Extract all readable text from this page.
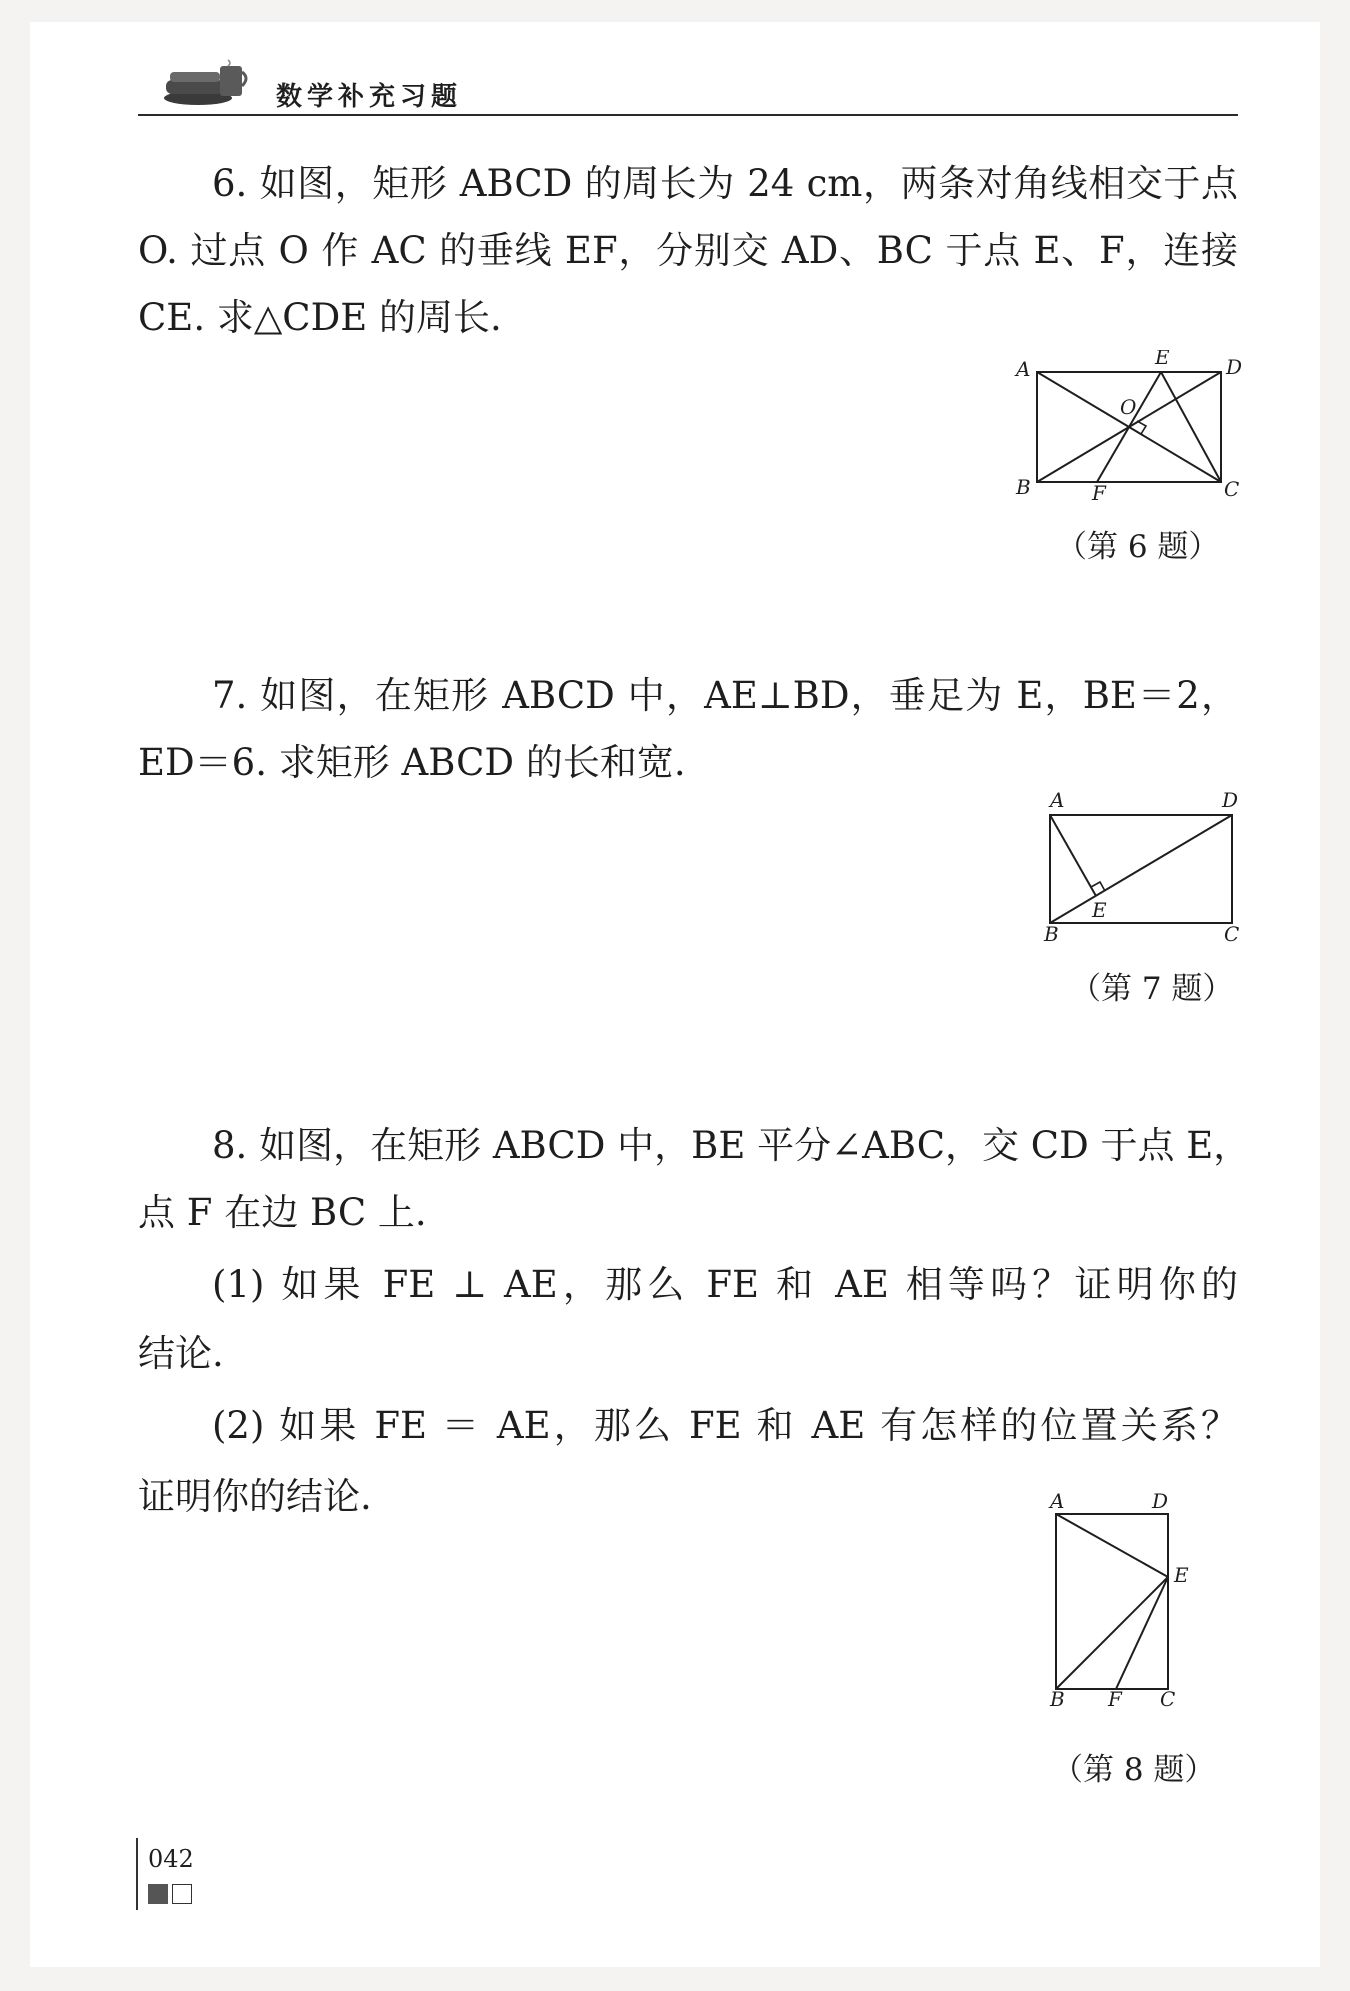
数学补充习题
6. 如图，矩形 ABCD 的周长为 24 cm，两条对角线相交于点
O. 过点 O 作 AC 的垂线 EF，分别交 AD、BC 于点 E、F，连接
CE. 求△CDE 的周长.
A	D
E
O
B	F	C
（第 6 题）
7. 如图，在矩形 ABCD 中，AE⊥BD，垂足为 E，BE＝2，
ED＝6. 求矩形 ABCD 的长和宽.
A	D
E
B	C
（第 7 题）
8. 如图，在矩形 ABCD 中，BE 平分∠ABC，交 CD 于点 E，
点 F 在边 BC 上.
(1) 如果 FE ⊥ AE，那么 FE 和 AE 相等吗？证明你的
结论.
(2) 如果 FE ＝ AE，那么 FE 和 AE 有怎样的位置关系？
证明你的结论.	A	D
E
B F C
（第 8 题）
042
